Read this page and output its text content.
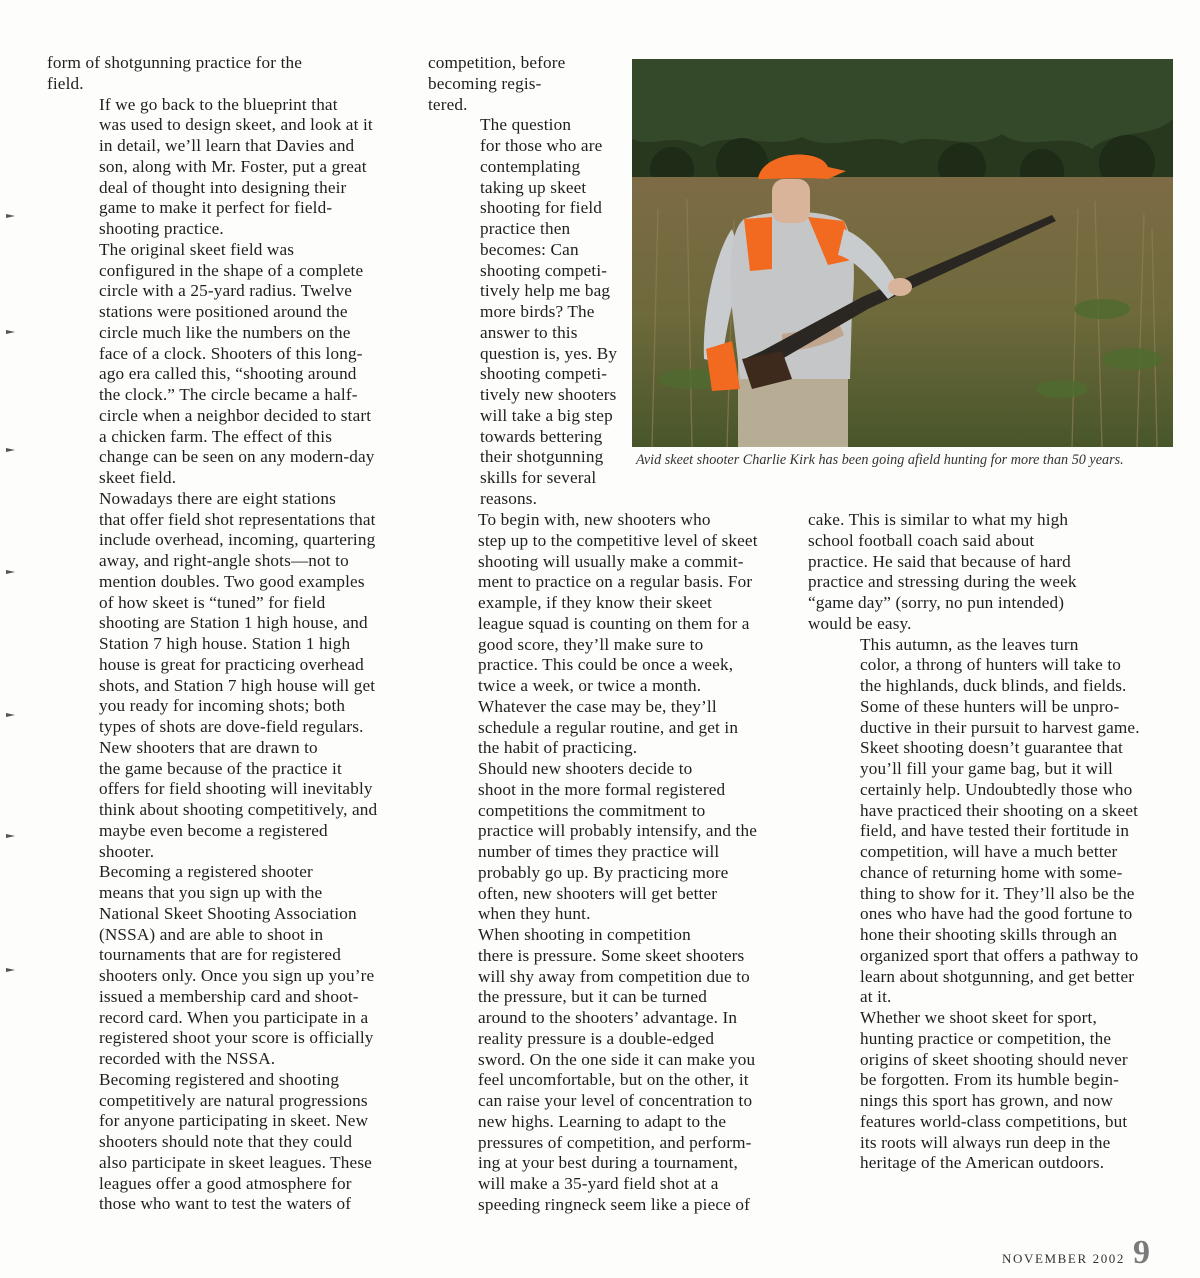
form of shotgunning practice for the
field.

If we go back to the blueprint that
was used to design skeet, and look at it
in detail, we’ll learn that Davies and
son, along with Mr. Foster, put a great
deal of thought into designing their
game to make it perfect for field-
shooting practice.

The original skeet field was
configured in the shape of a complete
circle with a 25-yard radius. Twelve
stations were positioned around the
circle much like the numbers on the
face of a clock. Shooters of this long-
ago era called this, “shooting around
the clock.” The circle became a half-
circle when a neighbor decided to start
a chicken farm. The effect of this
change can be seen on any modern-day
skeet field.

Nowadays there are eight stations
that offer field shot representations that
include overhead, incoming, quartering
away, and right-angle shots—not to
mention doubles. Two good examples
of how skeet is “tuned” for field
shooting are Station 1 high house, and
Station 7 high house. Station 1 high
house is great for practicing overhead
shots, and Station 7 high house will get
you ready for incoming shots; both
types of shots are dove-field regulars.

New shooters that are drawn to
the game because of the practice it
offers for field shooting will inevitably
think about shooting competitively, and
maybe even become a registered
shooter.

Becoming a registered shooter
means that you sign up with the
National Skeet Shooting Association
(NSSA) and are able to shoot in
tournaments that are for registered
shooters only. Once you sign up you’re
issued a membership card and shoot-
record card. When you participate in a
registered shoot your score is officially
recorded with the NSSA.

Becoming registered and shooting
competitively are natural progressions
for anyone participating in skeet. New
shooters should note that they could
also participate in skeet leagues. These
leagues offer a good atmosphere for
those who want to test the waters of

competition, before
becoming regis-
tered.

The question
for those who are
contemplating
taking up skeet
shooting for field
practice then
becomes: Can
shooting competi-
tively help me bag
more birds? The
answer to this
question is, yes. By
shooting competi-
tively new shooters
will take a big step
towards bettering
their shotgunning
skills for several
reasons.

Avid skeet shooter Charlie Kirk has been going afield hunting for more than 50 years.

To begin with, new shooters who
step up to the competitive level of skeet
shooting will usually make a commit-
ment to practice on a regular basis. For
example, if they know their skeet
league squad is counting on them for a
good score, they’ll make sure to
practice. This could be once a week,
twice a week, or twice a month.
Whatever the case may be, they’ll
schedule a regular routine, and get in
the habit of practicing.

Should new shooters decide to
shoot in the more formal registered
competitions the commitment to
practice will probably intensify, and the
number of times they practice will
probably go up. By practicing more
often, new shooters will get better
when they hunt.

When shooting in competition
there is pressure. Some skeet shooters
will shy away from competition due to
the pressure, but it can be turned
around to the shooters’ advantage. In
reality pressure is a double-edged
sword. On the one side it can make you
feel uncomfortable, but on the other, it
can raise your level of concentration to
new highs. Learning to adapt to the
pressures of competition, and perform-
ing at your best during a tournament,
will make a 35-yard field shot at a
speeding ringneck seem like a piece of

cake. This is similar to what my high
school football coach said about
practice. He said that because of hard
practice and stressing during the week
“game day” (sorry, no pun intended)
would be easy.

This autumn, as the leaves turn
color, a throng of hunters will take to
the highlands, duck blinds, and fields.
Some of these hunters will be unpro-
ductive in their pursuit to harvest game.
Skeet shooting doesn’t guarantee that
you’ll fill your game bag, but it will
certainly help. Undoubtedly those who
have practiced their shooting on a skeet
field, and have tested their fortitude in
competition, will have a much better
chance of returning home with some-
thing to show for it. They’ll also be the
ones who have had the good fortune to
hone their shooting skills through an
organized sport that offers a pathway to
learn about shotgunning, and get better
at it.

Whether we shoot skeet for sport,
hunting practice or competition, the
origins of skeet shooting should never
be forgotten. From its humble begin-
nings this sport has grown, and now
features world-class competitions, but
its roots will always run deep in the
heritage of the American outdoors.

NOVEMBER 2002 9
